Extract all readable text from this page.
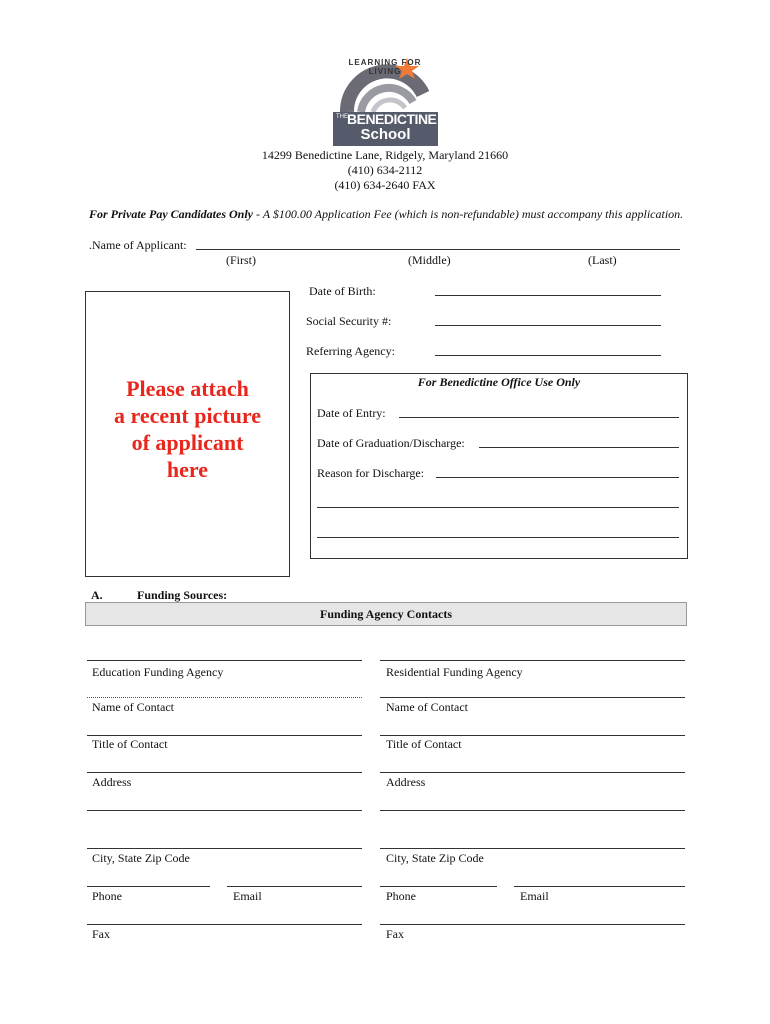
LEARNING FOR LIVING
THE BENEDICTINE
School
14299 Benedictine Lane, Ridgely, Maryland 21660
(410) 634-2112
(410) 634-2640 FAX
For Private Pay Candidates Only - A $100.00 Application Fee (which is non-refundable) must accompany this application.
.Name of Applicant:
(First)	(Middle)	(Last)
Please attach
a recent picture
of applicant
here
Date of Birth:
Social Security #:
Referring Agency:
For Benedictine Office Use Only
Date of Entry:
Date of Graduation/Discharge:
Reason for Discharge:
A.	Funding Sources:
Funding Agency Contacts
Education Funding Agency
Name of Contact
Title of Contact
Address
City, State Zip Code
Phone	Email
Fax
Residential Funding Agency
Name of Contact
Title of Contact
Address
City, State Zip Code
Phone	Email
Fax
